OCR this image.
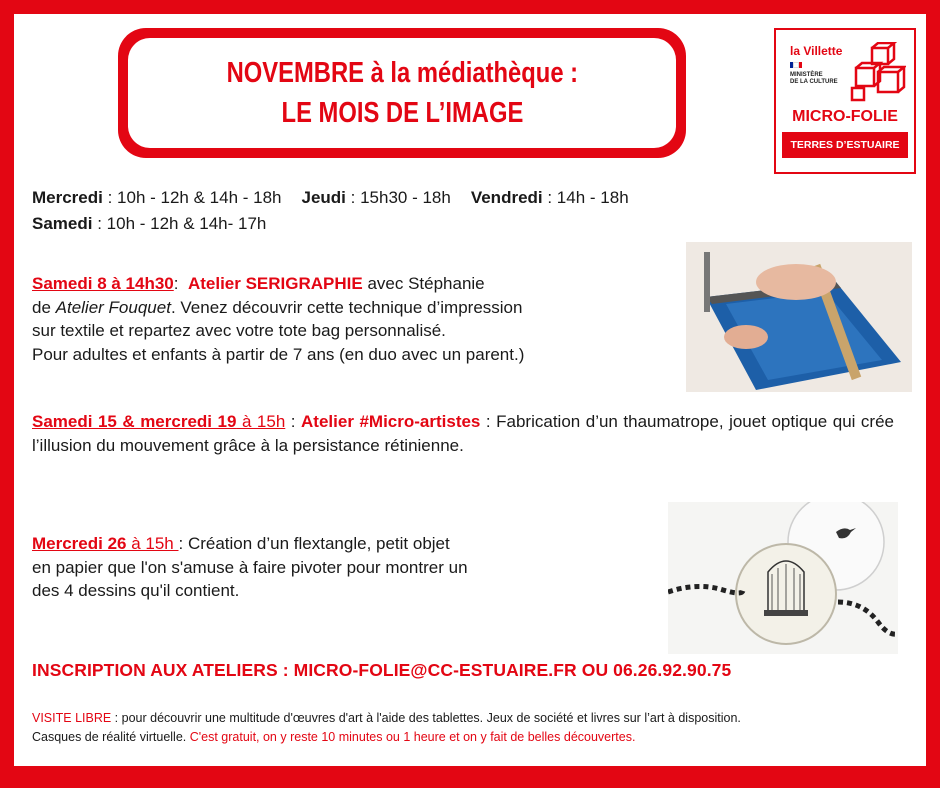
NOVEMBRE à la médiathèque :
LE MOIS DE L’IMAGE
la Villette
MINISTÈRE
DE LA CULTURE
MICRO-FOLIE
TERRES D’ESTUAIRE
Mercredi : 10h - 12h & 14h - 18h Jeudi : 15h30 - 18h Vendredi : 14h - 18h
Samedi : 10h - 12h & 14h- 17h
Samedi 8 à 14h30: Atelier SERIGRAPHIE avec Stéphanie
de Atelier Fouquet. Venez découvrir cette technique d’impression
sur textile et repartez avec votre tote bag personnalisé.
Pour adultes et enfants à partir de 7 ans (en duo avec un parent.)
Samedi 15 & mercredi 19 à 15h : Atelier #Micro-artistes : Fabrication d’un thaumatrope, jouet optique qui crée l’illusion du mouvement grâce à la persistance rétinienne.
Mercredi 26 à 15h : Création d’un flextangle, petit objet
en papier que l'on s'amuse à faire pivoter pour montrer un
des 4 dessins qu'il contient.
INSCRIPTION AUX ATELIERS : MICRO-FOLIE@CC-ESTUAIRE.FR OU 06.26.92.90.75
VISITE LIBRE : pour découvrir une multitude d'œuvres d'art à l'aide des tablettes. Jeux de société et livres sur l’art à disposition.
Casques de réalité virtuelle. C'est gratuit, on y reste 10 minutes ou 1 heure et on y fait de belles découvertes.
